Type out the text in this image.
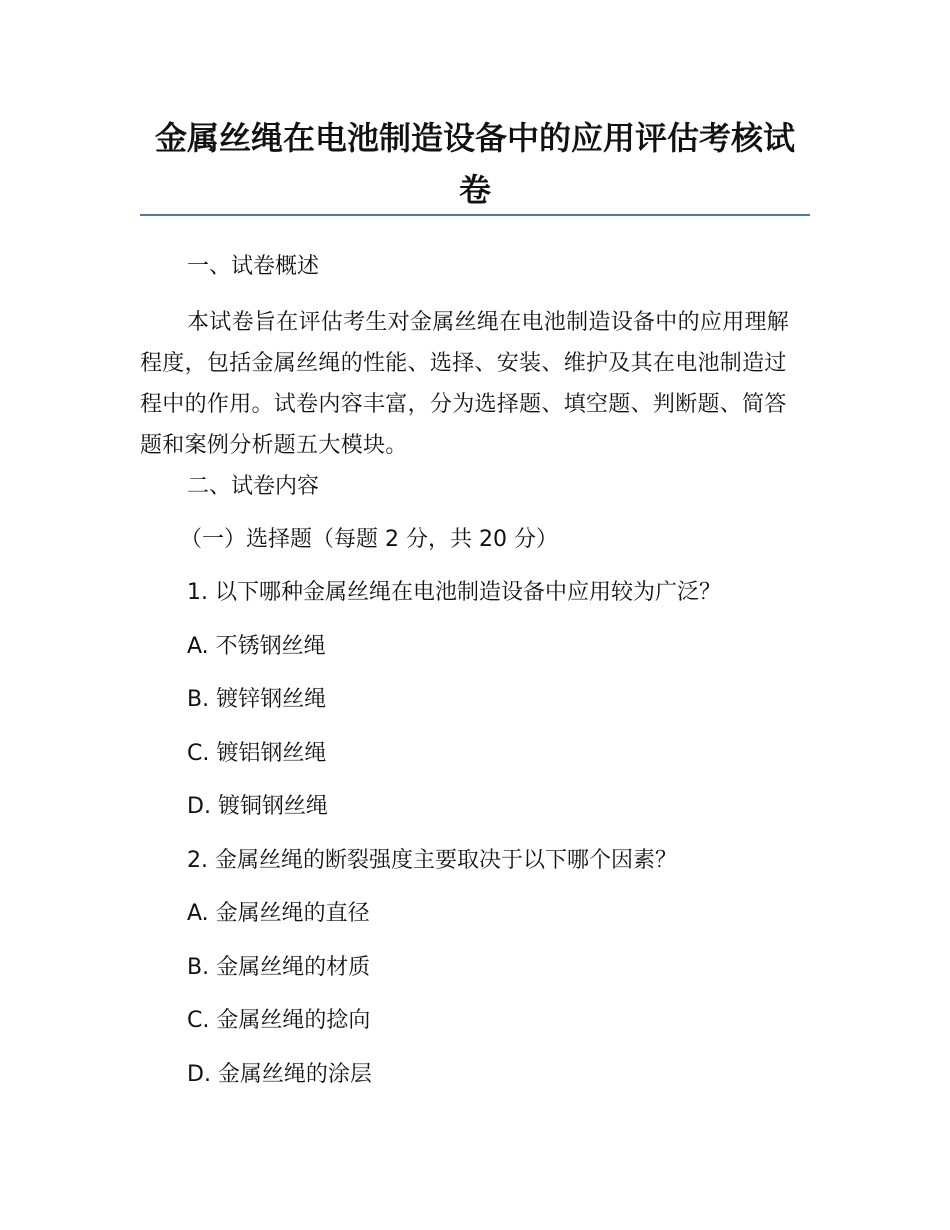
金属丝绳在电池制造设备中的应用评估考核试卷
一、试卷概述
本试卷旨在评估考生对金属丝绳在电池制造设备中的应用理解程度，包括金属丝绳的性能、选择、安装、维护及其在电池制造过程中的作用。试卷内容丰富，分为选择题、填空题、判断题、简答题和案例分析题五大模块。
二、试卷内容
（一）选择题（每题 2 分，共 20 分）
1. 以下哪种金属丝绳在电池制造设备中应用较为广泛？
A. 不锈钢丝绳
B. 镀锌钢丝绳
C. 镀铝钢丝绳
D. 镀铜钢丝绳
2. 金属丝绳的断裂强度主要取决于以下哪个因素？
A. 金属丝绳的直径
B. 金属丝绳的材质
C. 金属丝绳的捻向
D. 金属丝绳的涂层
